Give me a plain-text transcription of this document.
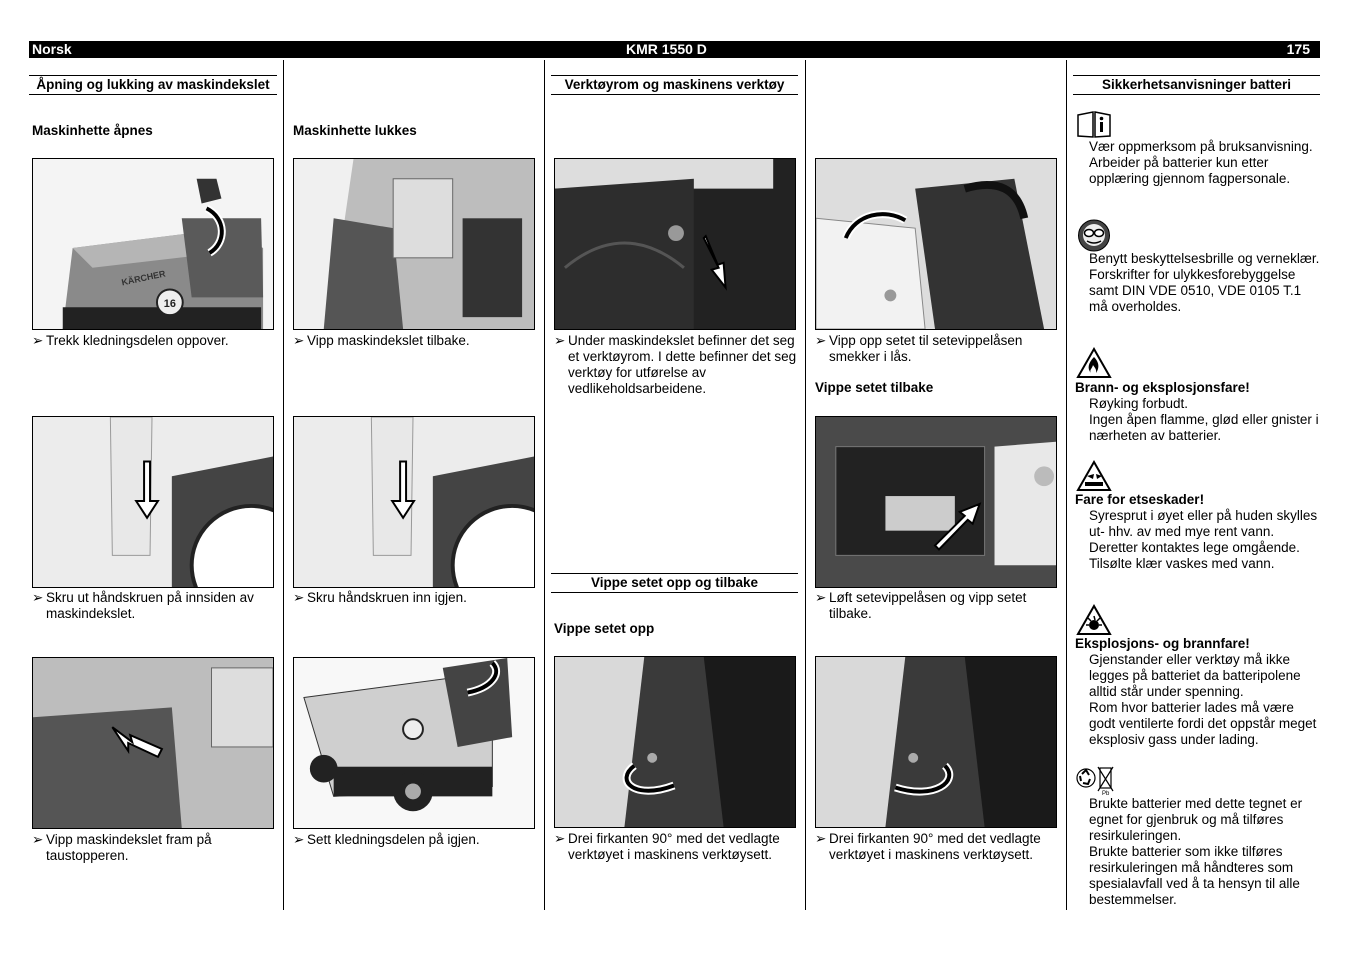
Norsk	KMR 1550 D	175
Åpning og lukking av maskindekslet
Maskinhette åpnes
16
KÄRCHER
➢ Trekk kledningsdelen oppover.
➢ Skru ut håndskruen på innsiden av maskindekslet.
➢ Vipp maskindekslet fram på taustopperen.
Maskinhette lukkes
➢ Vipp maskindekslet tilbake.
➢ Skru håndskruen inn igjen.
➢ Sett kledningsdelen på igjen.
Verktøyrom og maskinens verktøy
➢ Under maskindekslet befinner det seg et verktøyrom. I dette befinner det seg verktøy for utførelse av vedlikeholdsarbeidene.
Vippe setet opp og tilbake
Vippe setet opp
➢ Drei firkanten 90° med det vedlagte verktøyet i maskinens verktøysett.
➢ Vipp opp setet til setevippelåsen smekker i lås.
Vippe setet tilbake
➢ Løft setevippelåsen og vipp setet tilbake.
➢ Drei firkanten 90° med det vedlagte verktøyet i maskinens verktøysett.
Sikkerhetsanvisninger batteri

Vær oppmerksom på bruksanvisning.

Arbeider på batterier kun etter opplæring gjennom fagpersonale.

Benytt beskyttelsesbrille og verneklær.

Forskrifter for ulykkesforebyggelse samt DIN VDE 0510, VDE 0105 T.1 må overholdes.

Brann- og eksplosjonsfare!

Røyking forbudt.

Ingen åpen flamme, glød eller gnister i nærheten av batterier.

Fare for etseskader!

Syresprut i øyet eller på huden skylles ut- hhv. av med mye rent vann.

Deretter kontaktes lege omgående.

Tilsølte klær vaskes med vann.

Eksplosjons- og brannfare!

Gjenstander eller verktøy må ikke legges på batteriet da batteripolene alltid står under spenning.

Rom hvor batterier lades må være godt ventilerte fordi det oppstår meget eksplosiv gass under lading.

Pb

Brukte batterier med dette tegnet er egnet for gjenbruk og må tilføres resirkuleringen.

Brukte batterier som ikke tilføres resirkuleringen må håndteres som spesialavfall ved å ta hensyn til alle bestemmelser.
